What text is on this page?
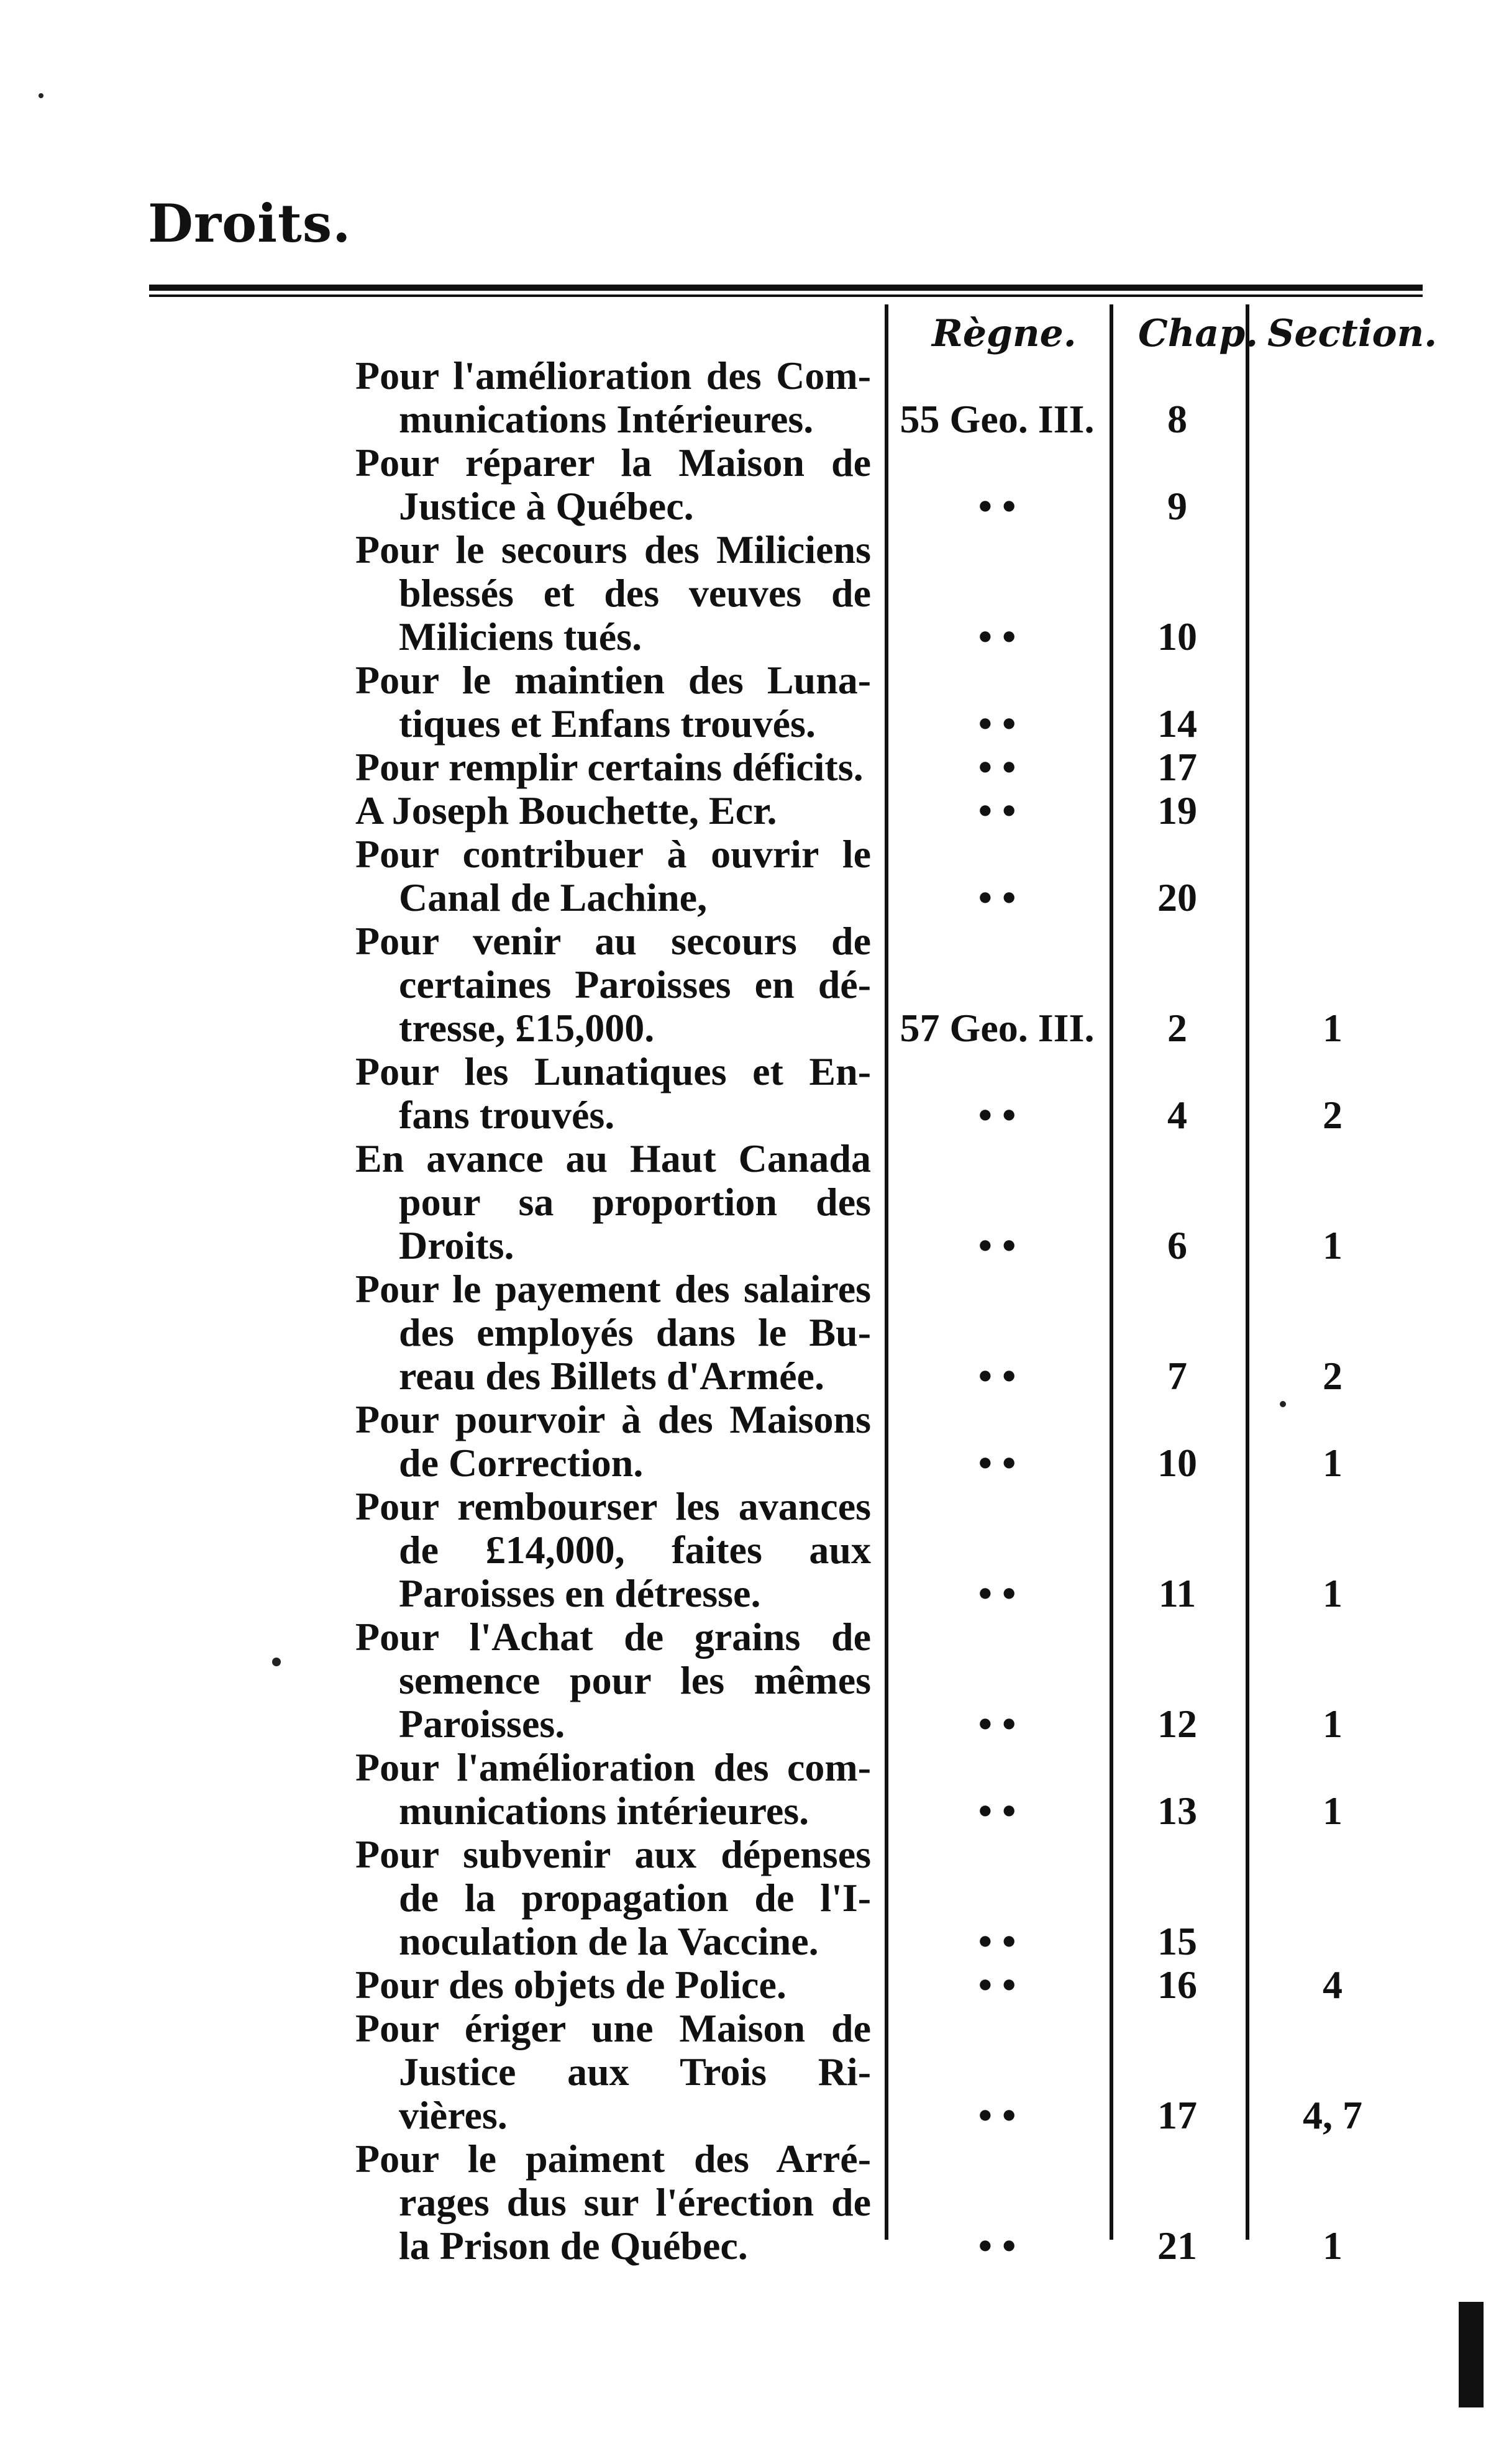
Droits.
Règne. Chap. Section.
Pour l'amélioration des Com-
munications Intérieures.	55 Geo. III.	8
Pour réparer la Maison de
Justice à Québec.	• •	9
Pour le secours des Miliciens
blessés et des veuves de
Miliciens tués.	• •	10
Pour le maintien des Luna-
tiques et Enfans trouvés.	• •	14
Pour remplir certains déficits.	• •	17
A Joseph Bouchette, Ecr.	• •	19
Pour contribuer à ouvrir le
Canal de Lachine,	• •	20
Pour venir au secours de
certaines Paroisses en dé-
tresse, £15,000.	57 Geo. III.	2	1
Pour les Lunatiques et En-
fans trouvés.	• •	4	2
En avance au Haut Canada
pour sa proportion des
Droits.	• •	6	1
Pour le payement des salaires
des employés dans le Bu-
reau des Billets d'Armée.	• •	7	2
Pour pourvoir à des Maisons
de Correction.	• •	10	1
Pour rembourser les avances
de £14,000, faites aux
Paroisses en détresse.	• •	11	1
Pour l'Achat de grains de
semence pour les mêmes
Paroisses.	• •	12	1
Pour l'amélioration des com-
munications intérieures.	• •	13	1
Pour subvenir aux dépenses
de la propagation de l'I-
noculation de la Vaccine.	• •	15
Pour des objets de Police.	• •	16	4
Pour ériger une Maison de
Justice aux Trois Ri-
vières.	• •	17	4, 7
Pour le paiment des Arré-
rages dus sur l'érection de
la Prison de Québec.	• •	21	1
